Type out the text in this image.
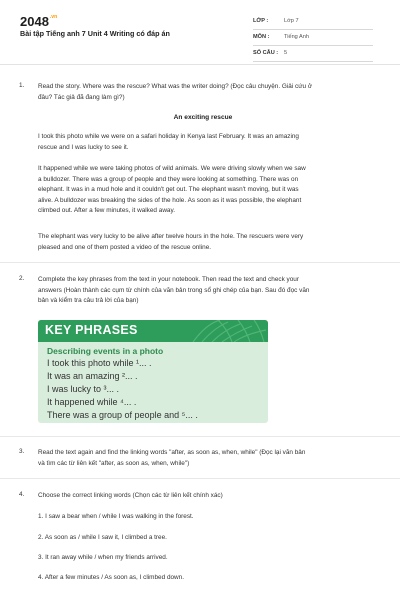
$2048^{.vn}$
Bài tập Tiếng anh 7 Unit 4 Writing có đáp án
LỚP :	Lớp 7
MÔN :	Tiếng Anh
SỐ CÂU : 5
1. Read the story. Where was the rescue? What was the writer doing? (Đọc câu chuyện. Giải cứu ở
đâu? Tác giả đã đang làm gì?)
An exciting rescue
I took this photo while we were on a safari holiday in Kenya last February. It was an amazing
rescue and I was lucky to see it.
It happened while we were taking photos of wild animals. We were driving slowly when we saw
a bulldozer. There was a group of people and they were looking at something. There was on
elephant. It was in a mud hole and it couldn't get out. The elephant wasn't moving, but it was
alive. A bulldozer was breaking the sides of the hole. As soon as it was possible, the elephant
climbed out. After a few minutes, it walked away.
The elephant was very lucky to be alive after twelve hours in the hole. The rescuers were very
pleased and one of them posted a video of the rescue online.
2. Complete the key phrases from the text in your notebook. Then read the text and check your
answers (Hoàn thành các cụm từ chính của văn bản trong sổ ghi chép của bạn. Sau đó đọc văn
bản và kiểm tra câu trả lời của bạn)
KEY PHRASES
Describing events in a photo
I took this photo while ¹... .
It was an amazing ²... .
I was lucky to ³... .
It happened while ⁴... .
There was a group of people and ⁵... .
3. Read the text again and find the linking words "after, as soon as, when, while" (Đọc lại văn bản
và tìm các từ liên kết "after, as soon as, when, while")
4. Choose the correct linking words (Chọn các từ liên kết chính xác)
1. I saw a bear when / while I was walking in the forest.
2. As soon as / while I saw it, I climbed a tree.
3. It ran away while / when my friends arrived.
4. After a few minutes / As soon as, I climbed down.
